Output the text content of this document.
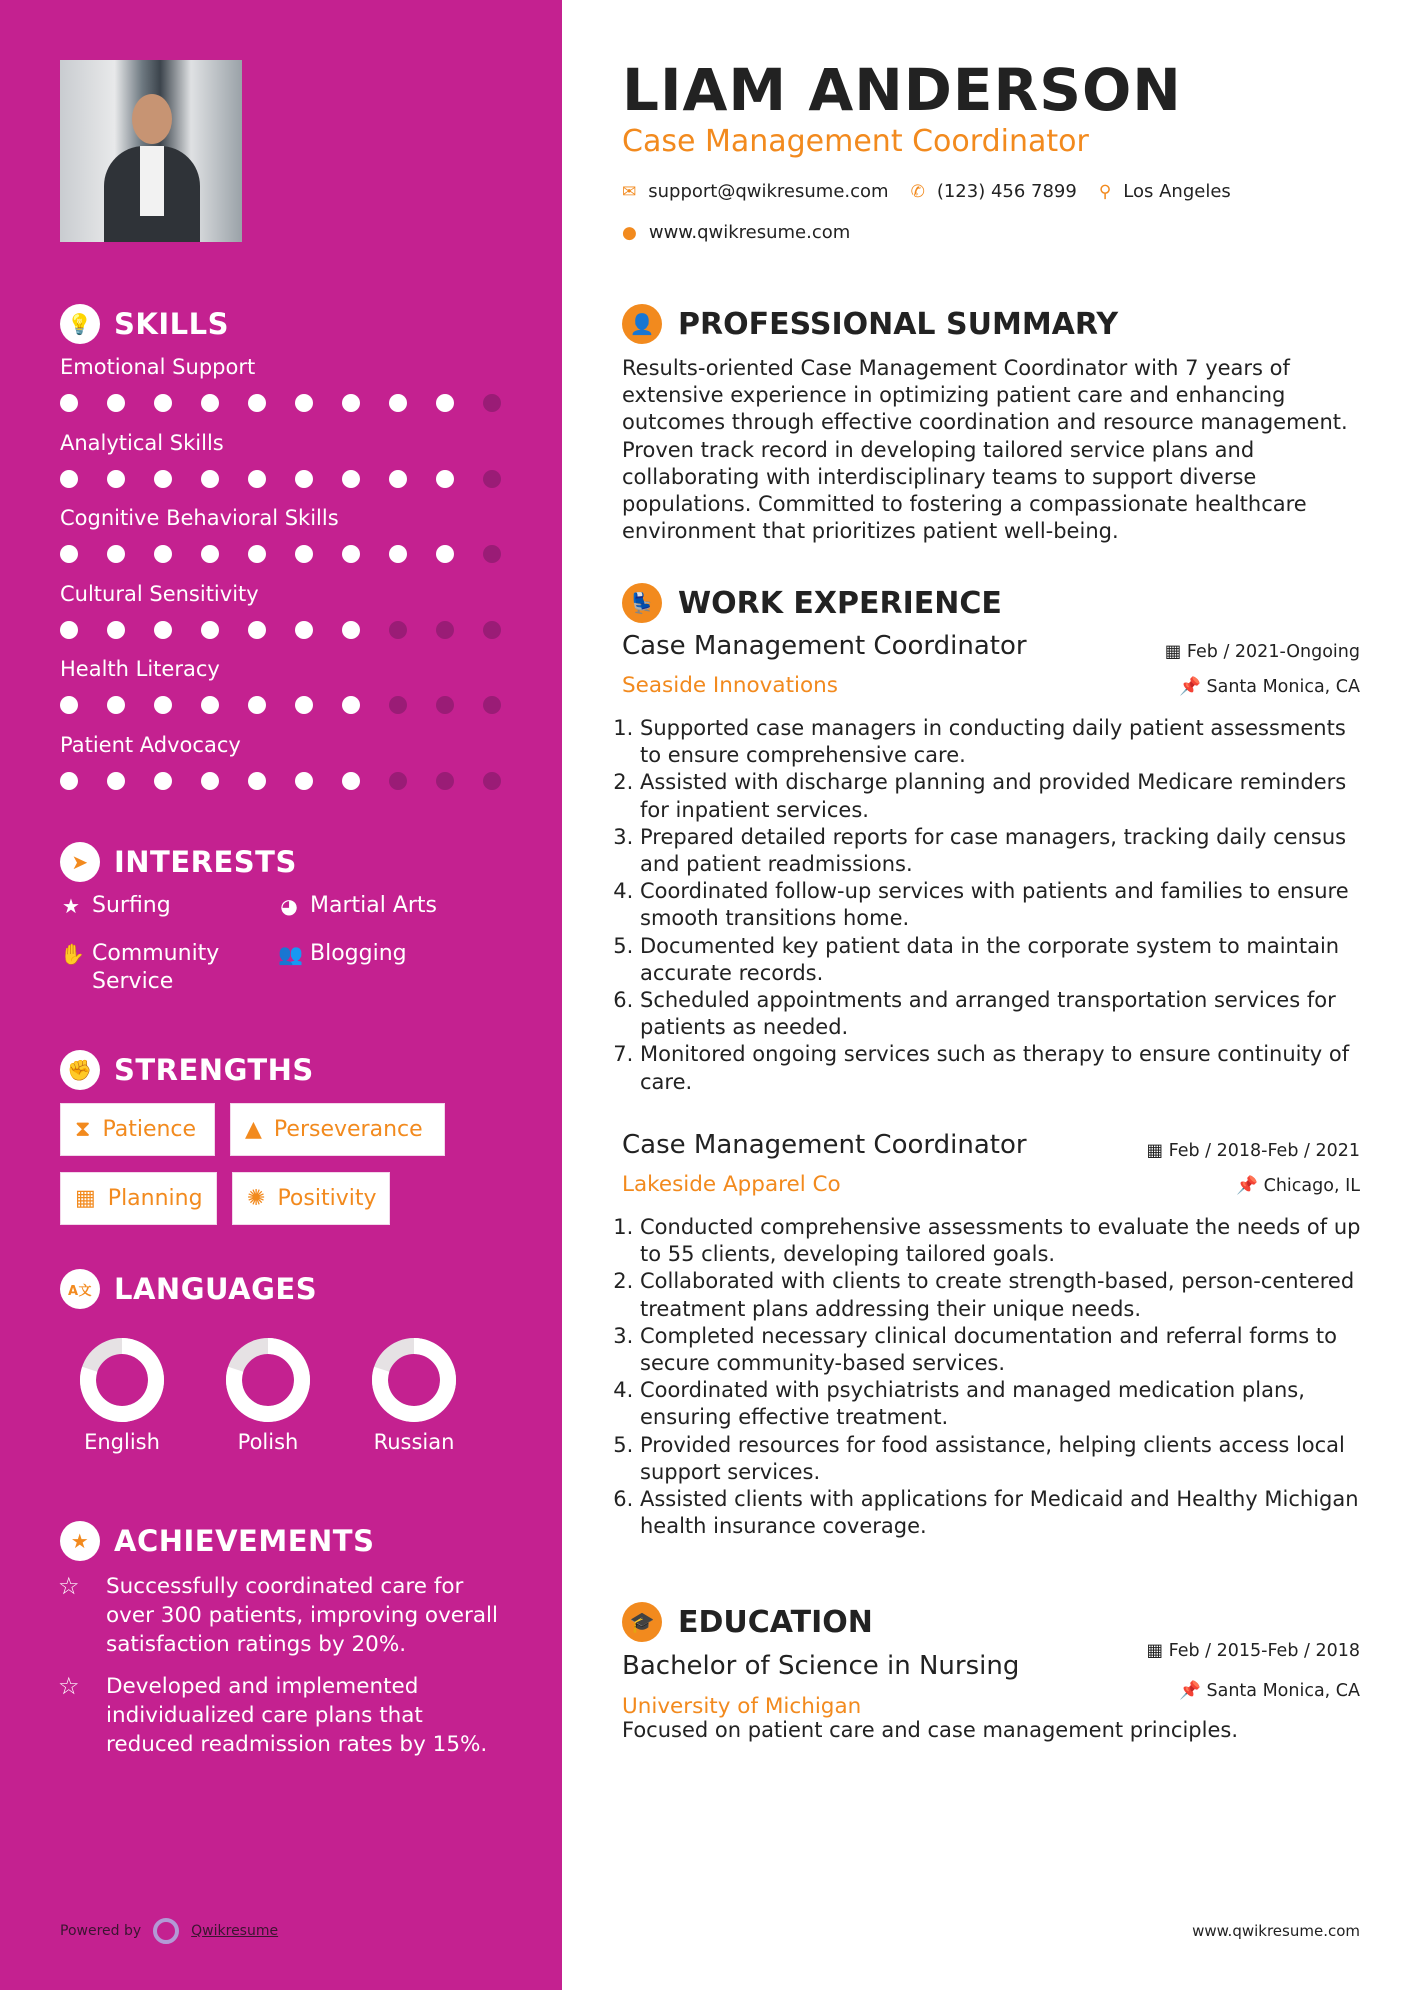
💡 SKILLS
Emotional Support
Analytical Skills
Cognitive Behavioral Skills
Cultural Sensitivity
Health Literacy
Patient Advocacy
➤ INTERESTS
★ Surfing	◕ Martial Arts
✋ Community Service
👥 Blogging
✊ STRENGTHS
⧗ Patience ▲ Perseverance
▦ Planning ✺ Positivity
A文 LANGUAGES
English	Polish	Russian
★ ACHIEVEMENTS
☆	Successfully coordinated care for over 300 patients, improving overall satisfaction ratings by 20%.
☆	Developed and implemented individualized care plans that reduced readmission rates by 15%.
Powered by	Qwikresume
LIAM ANDERSON
Case Management Coordinator
✉ support@qwikresume.com ✆ (123) 456 7899 ⚲ Los Angeles
● www.qwikresume.com
👤 PROFESSIONAL SUMMARY
Results-oriented Case Management Coordinator with 7 years of extensive experience in optimizing patient care and enhancing outcomes through effective coordination and resource management. Proven track record in developing tailored service plans and collaborating with interdisciplinary teams to support diverse populations. Committed to fostering a compassionate healthcare environment that prioritizes patient well-being.
💺 WORK EXPERIENCE
Case Management Coordinator
Seaside Innovations
▦ Feb / 2021-Ongoing
📌 Santa Monica, CA
1. Supported case managers in conducting daily patient assessments to ensure comprehensive care.
2. Assisted with discharge planning and provided Medicare reminders for inpatient services.
3. Prepared detailed reports for case managers, tracking daily census and patient readmissions.
4. Coordinated follow-up services with patients and families to ensure smooth transitions home.
5. Documented key patient data in the corporate system to maintain accurate records.
6. Scheduled appointments and arranged transportation services for patients as needed.
7. Monitored ongoing services such as therapy to ensure continuity of care.
Case Management Coordinator
Lakeside Apparel Co
▦ Feb / 2018-Feb / 2021
📌 Chicago, IL
1. Conducted comprehensive assessments to evaluate the needs of up to 55 clients, developing tailored goals.
2. Collaborated with clients to create strength-based, person-centered treatment plans addressing their unique needs.
3. Completed necessary clinical documentation and referral forms to secure community-based services.
4. Coordinated with psychiatrists and managed medication plans, ensuring effective treatment.
5. Provided resources for food assistance, helping clients access local support services.
6. Assisted clients with applications for Medicaid and Healthy Michigan health insurance coverage.
🎓 EDUCATION
Bachelor of Science in Nursing
University of Michigan
▦ Feb / 2015-Feb / 2018
📌 Santa Monica, CA
Focused on patient care and case management principles.
www.qwikresume.com
